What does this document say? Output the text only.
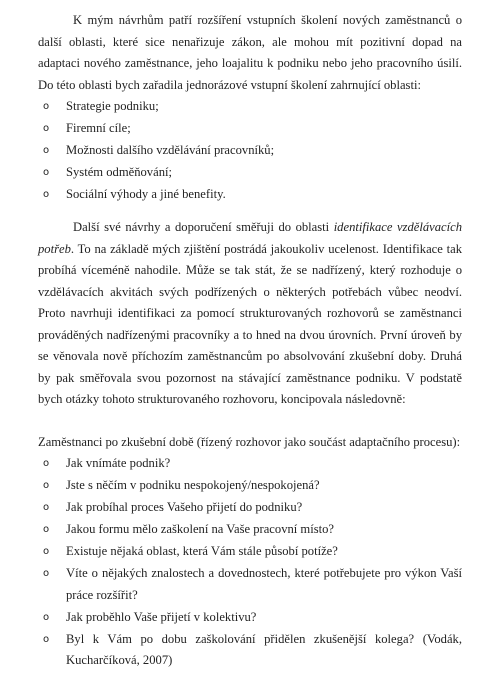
K mým návrhům patří rozšíření vstupních školení nových zaměstnanců o další oblasti, které sice nenařizuje zákon, ale mohou mít pozitivní dopad na adaptaci nového zaměstnance, jeho loajalitu k podniku nebo jeho pracovního úsilí. Do této oblasti bych zařadila jednorázové vstupní školení zahrnující oblasti:

o Strategie podniku;
o Firemní cíle;
o Možnosti dalšího vzdělávání pracovníků;
o Systém odměňování;
o Sociální výhody a jiné benefity.

Další své návrhy a doporučení směřuji do oblasti identifikace vzdělávacích potřeb. To na základě mých zjištění postrádá jakoukoliv ucelenost. Identifikace tak probíhá víceméně nahodile. Může se tak stát, že se nadřízený, který rozhoduje o vzdělávacích akvitách svých podřízených o některých potřebách vůbec neodví. Proto navrhuji identifikaci za pomocí strukturovaných rozhovorů se zaměstnanci prováděných nadřízenými pracovníky a to hned na dvou úrovních. První úroveň by se věnovala nově příchozím zaměstnancům po absolvování zkušební doby. Druhá by pak směřovala svou pozornost na stávající zaměstnance podniku. V podstatě bych otázky tohoto strukturovaného rozhovoru, koncipovala následovně:

Zaměstnanci po zkušební době (řízený rozhovor jako součást adaptačního procesu):

o Jak vnímáte podnik?
o Jste s něčím v podniku nespokojený/nespokojená?
o Jak probíhal proces Vašeho přijetí do podniku?
o Jakou formu mělo zaškolení na Vaše pracovní místo?
o Existuje nějaká oblast, která Vám stále působí potíže?
o Víte o nějakých znalostech a dovednostech, které potřebujete pro výkon Vaší práce rozšířit?
o Jak proběhlo Vaše přijetí v kolektivu?
o Byl k Vám po dobu zaškolování přidělen zkušenější kolega? (Vodák, Kucharčíková, 2007)
